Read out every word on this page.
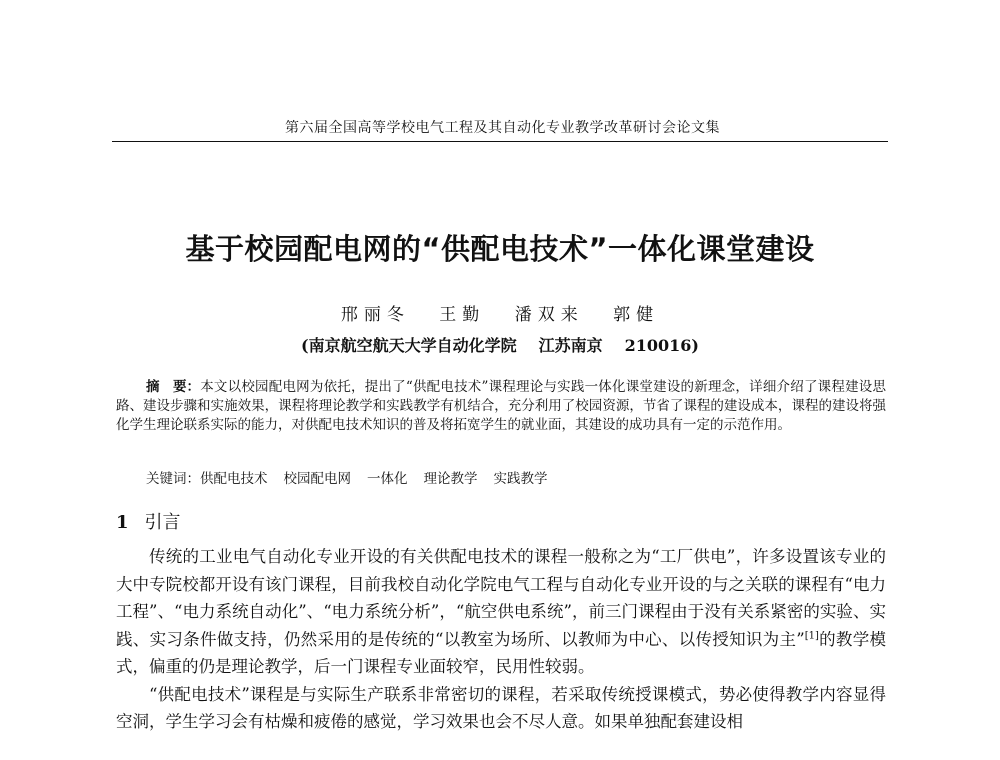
第六届全国高等学校电气工程及其自动化专业教学改革研讨会论文集
基于校园配电网的“供配电技术”一体化课堂建设
邢丽冬 王勤 潘双来 郭健
(南京航空航天大学自动化学院 江苏南京 210016)
摘　要：本文以校园配电网为依托，提出了“供配电技术”课程理论与实践一体化课堂建设的新理念，详细介绍了课程建设思路、建设步骤和实施效果，课程将理论教学和实践教学有机结合，充分利用了校园资源，节省了课程的建设成本，课程的建设将强化学生理论联系实际的能力，对供配电技术知识的普及将拓宽学生的就业面，其建设的成功具有一定的示范作用。
关键词：供配电技术 校园配电网 一体化 理论教学 实践教学
1 引言

传统的工业电气自动化专业开设的有关供配电技术的课程一般称之为“工厂供电”，许多设置该专业的大中专院校都开设有该门课程，目前我校自动化学院电气工程与自动化专业开设的与之关联的课程有“电力工程”、“电力系统自动化”、“电力系统分析”，“航空供电系统”，前三门课程由于没有关系紧密的实验、实践、实习条件做支持，仍然采用的是传统的“以教室为场所、以教师为中心、以传授知识为主”[1]的教学模式，偏重的仍是理论教学，后一门课程专业面较窄，民用性较弱。

“供配电技术”课程是与实际生产联系非常密切的课程，若采取传统授课模式，势必使得教学内容显得空洞，学生学习会有枯燥和疲倦的感觉，学习效果也会不尽人意。如果单独配套建设相
